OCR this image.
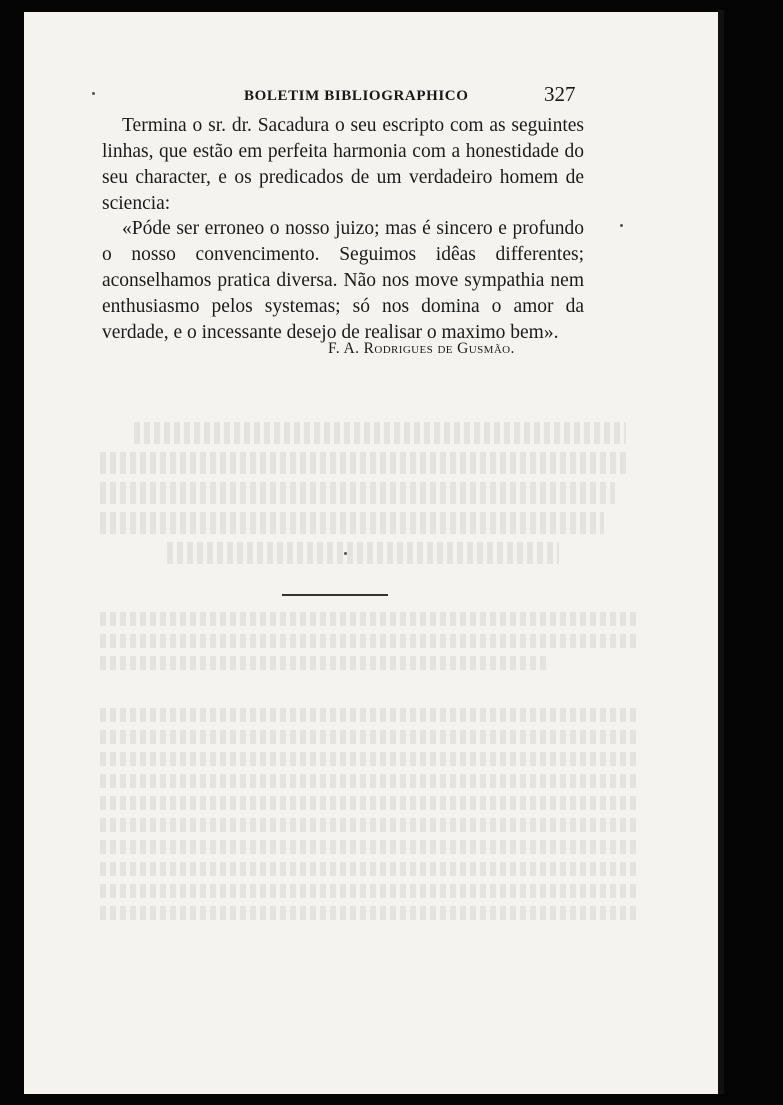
BOLETIM BIBLIOGRAPHICO	327

Termina o sr. dr. Sacadura o seu escripto com as seguintes linhas, que estão em perfeita harmonia com a honestidade do seu character, e os predicados de um verdadeiro homem de sciencia:

«Póde ser erroneo o nosso juizo; mas é sincero e profundo o nosso convencimento. Seguimos idêas differentes; aconselhamos pratica diversa. Não nos move sympathia nem enthusiasmo pelos systemas; só nos domina o amor da verdade, e o incessante desejo de realisar o maximo bem».

F. A. Rodrigues de Gusmão.
